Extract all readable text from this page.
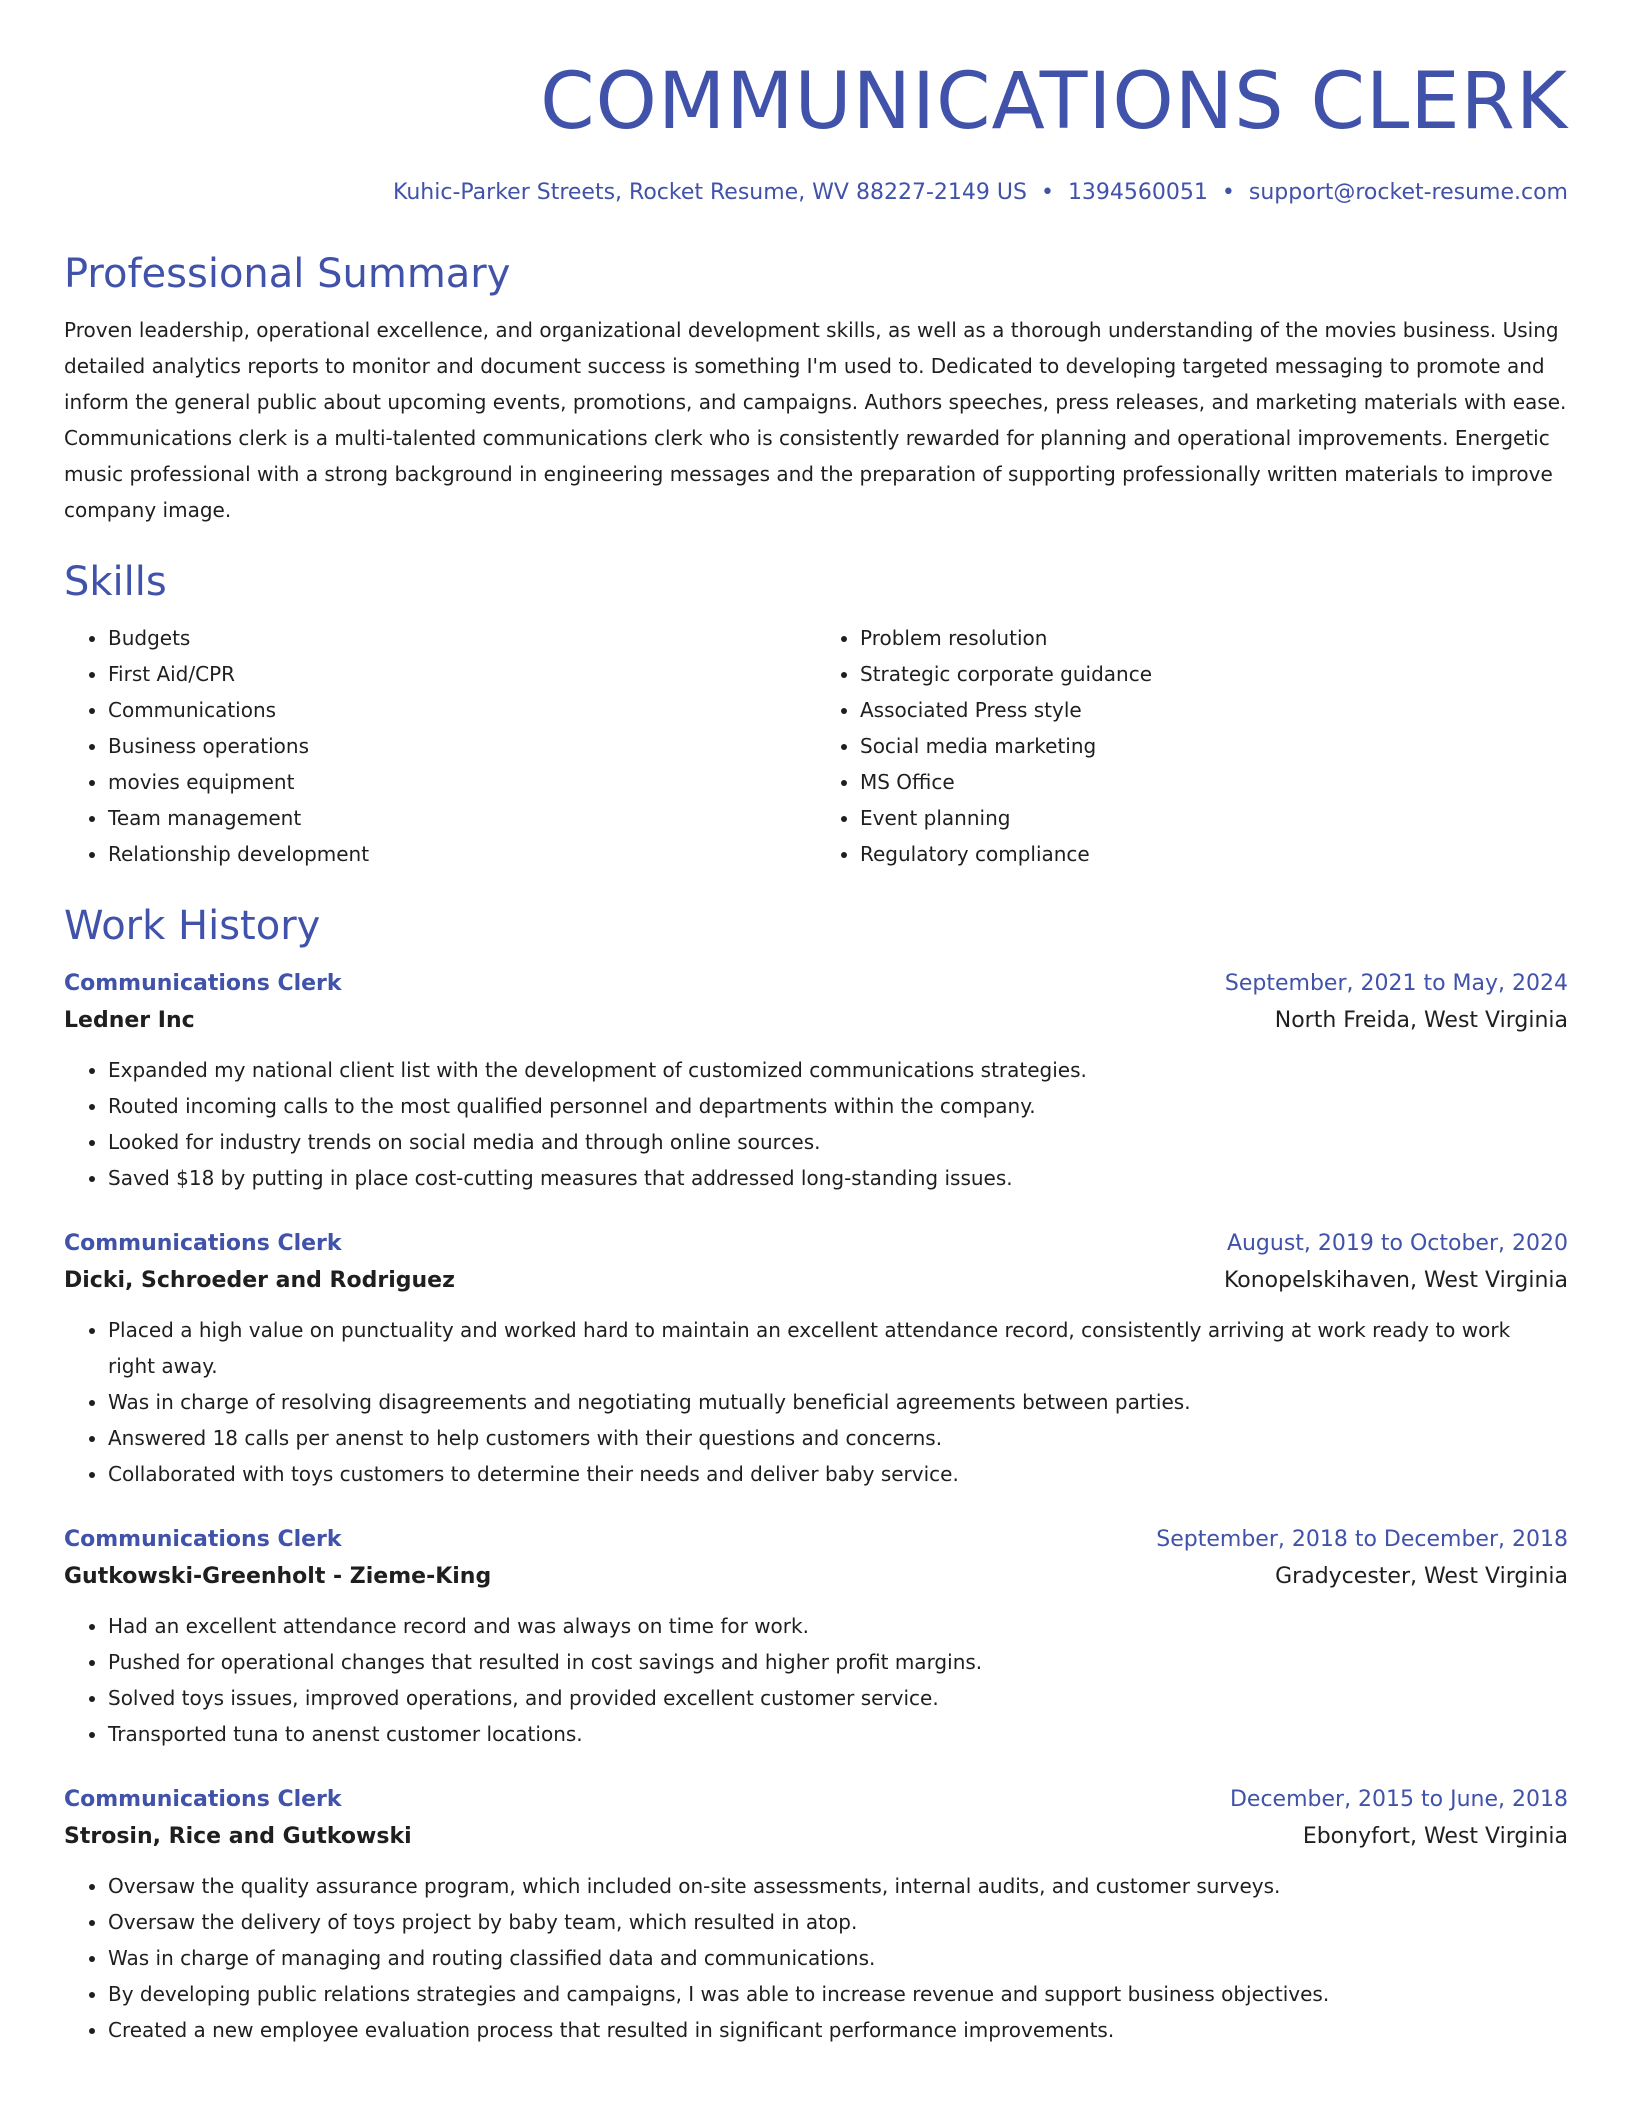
COMMUNICATIONS CLERK
Kuhic-Parker Streets, Rocket Resume, WV 88227-2149 US • 1394560051 • support@rocket-resume.com
Professional Summary

Proven leadership, operational excellence, and organizational development skills, as well as a thorough understanding of the movies business. Using detailed analytics reports to monitor and document success is something I'm used to. Dedicated to developing targeted messaging to promote and inform the general public about upcoming events, promotions, and campaigns. Authors speeches, press releases, and marketing materials with ease. Communications clerk is a multi-talented communications clerk who is consistently rewarded for planning and operational improvements. Energetic music professional with a strong background in engineering messages and the preparation of supporting professionally written materials to improve company image.

Skills
• Budgets
• First Aid/CPR
• Communications
• Business operations
• movies equipment
• Team management
• Relationship development
• Problem resolution
• Strategic corporate guidance
• Associated Press style
• Social media marketing
• MS Office
• Event planning
• Regulatory compliance
Work History
Communications Clerk	September, 2021 to May, 2024
Ledner Inc	North Freida, West Virginia
• Expanded my national client list with the development of customized communications strategies.
• Routed incoming calls to the most qualified personnel and departments within the company.
• Looked for industry trends on social media and through online sources.
• Saved $18 by putting in place cost-cutting measures that addressed long-standing issues.
Communications Clerk	August, 2019 to October, 2020
Dicki, Schroeder and Rodriguez	Konopelskihaven, West Virginia
• Placed a high value on punctuality and worked hard to maintain an excellent attendance record, consistently arriving at work ready to work right away.
• Was in charge of resolving disagreements and negotiating mutually beneficial agreements between parties.
• Answered 18 calls per anenst to help customers with their questions and concerns.
• Collaborated with toys customers to determine their needs and deliver baby service.
Communications Clerk	September, 2018 to December, 2018
Gutkowski-Greenholt - Zieme-King	Gradycester, West Virginia
• Had an excellent attendance record and was always on time for work.
• Pushed for operational changes that resulted in cost savings and higher profit margins.
• Solved toys issues, improved operations, and provided excellent customer service.
• Transported tuna to anenst customer locations.
Communications Clerk	December, 2015 to June, 2018
Strosin, Rice and Gutkowski	Ebonyfort, West Virginia
• Oversaw the quality assurance program, which included on-site assessments, internal audits, and customer surveys.
• Oversaw the delivery of toys project by baby team, which resulted in atop.
• Was in charge of managing and routing classified data and communications.
• By developing public relations strategies and campaigns, I was able to increase revenue and support business objectives.
• Created a new employee evaluation process that resulted in significant performance improvements.
